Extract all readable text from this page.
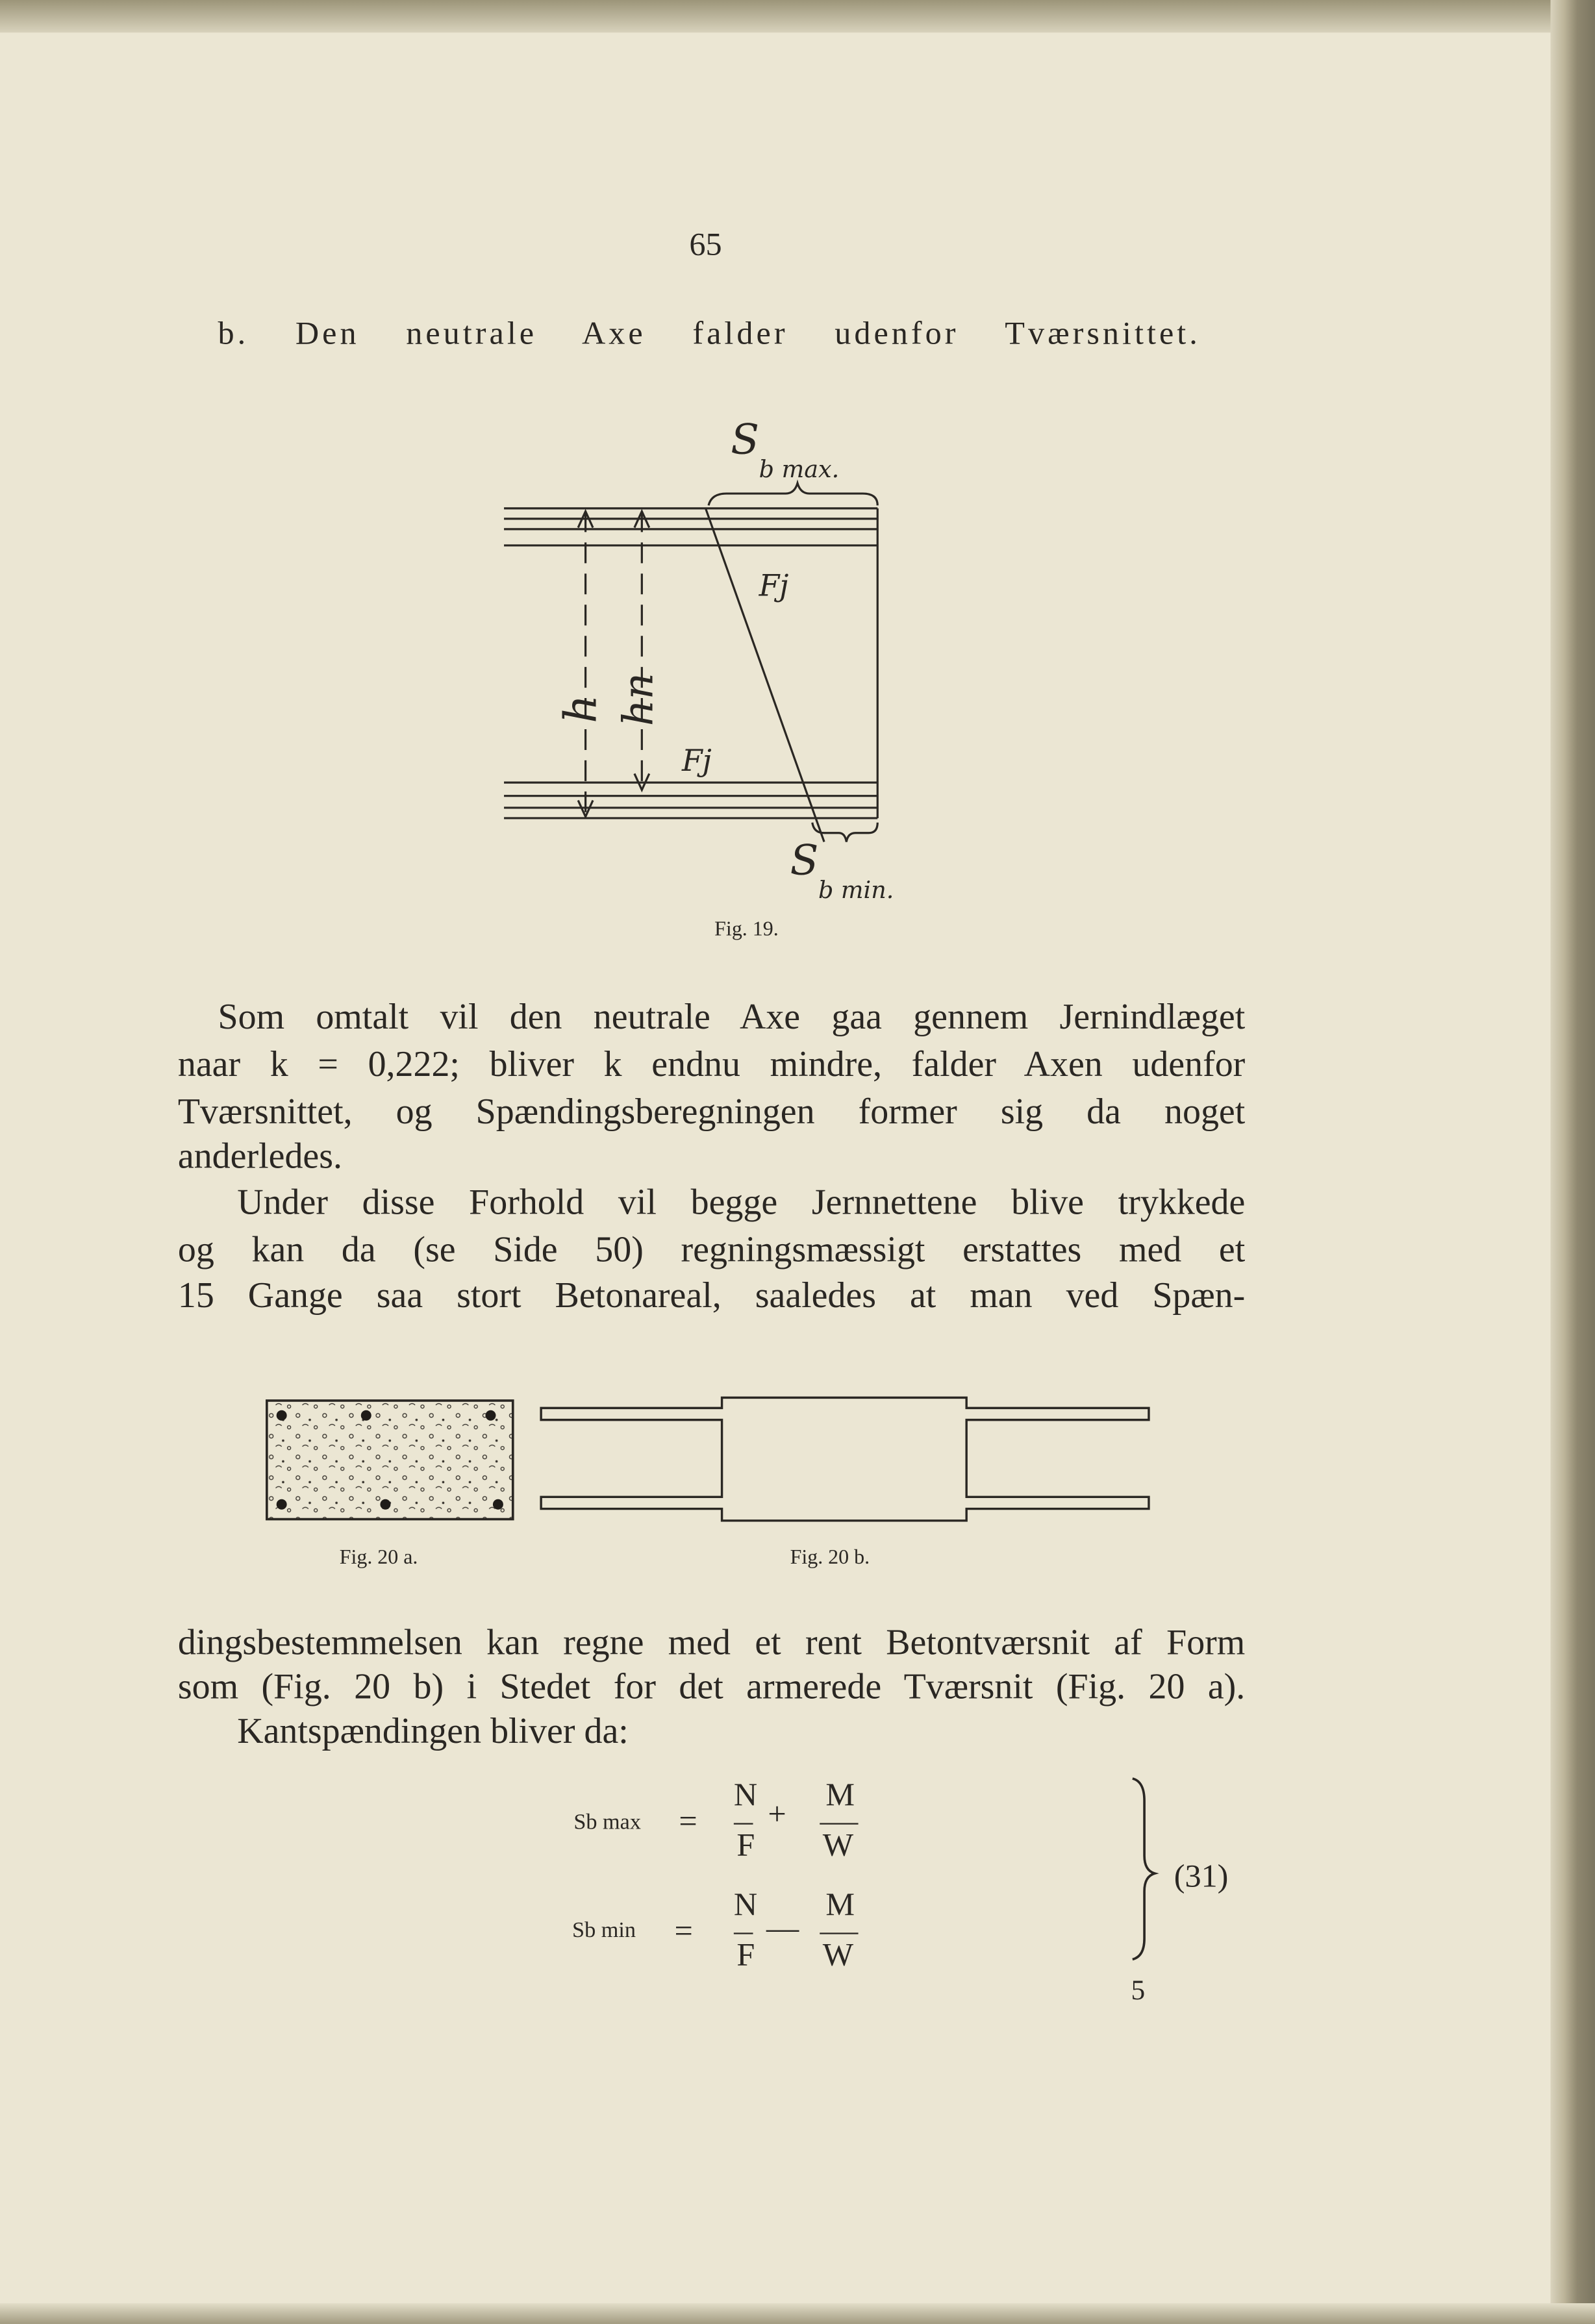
65
b. Den neutrale Axe falder udenfor Tværsnittet.
S
b max.
S
b min.
Fj
Fj
h hn
Fig. 19.
Som omtalt vil den neutrale Axe gaa gennem Jernindlæget
naar k = 0,222; bliver k endnu mindre, falder Axen udenfor
Tværsnittet, og Spændingsberegningen former sig da noget
anderledes.
Under disse Forhold vil begge Jernnettene blive trykkede
og kan da (se Side 50) regningsmæssigt erstattes med et
15 Gange saa stort Betonareal, saaledes at man ved Spæn-
Fig. 20 a.	Fig. 20 b.
dingsbestemmelsen kan regne med et rent Betontværsnit af Form
som (Fig. 20 b) i Stedet for det armerede Tværsnit (Fig. 20 a).
Kantspændingen bliver da:
Sb max	=
N
F
+
M
W
Sb min	=
N
F
—
M
W
(31)
5
